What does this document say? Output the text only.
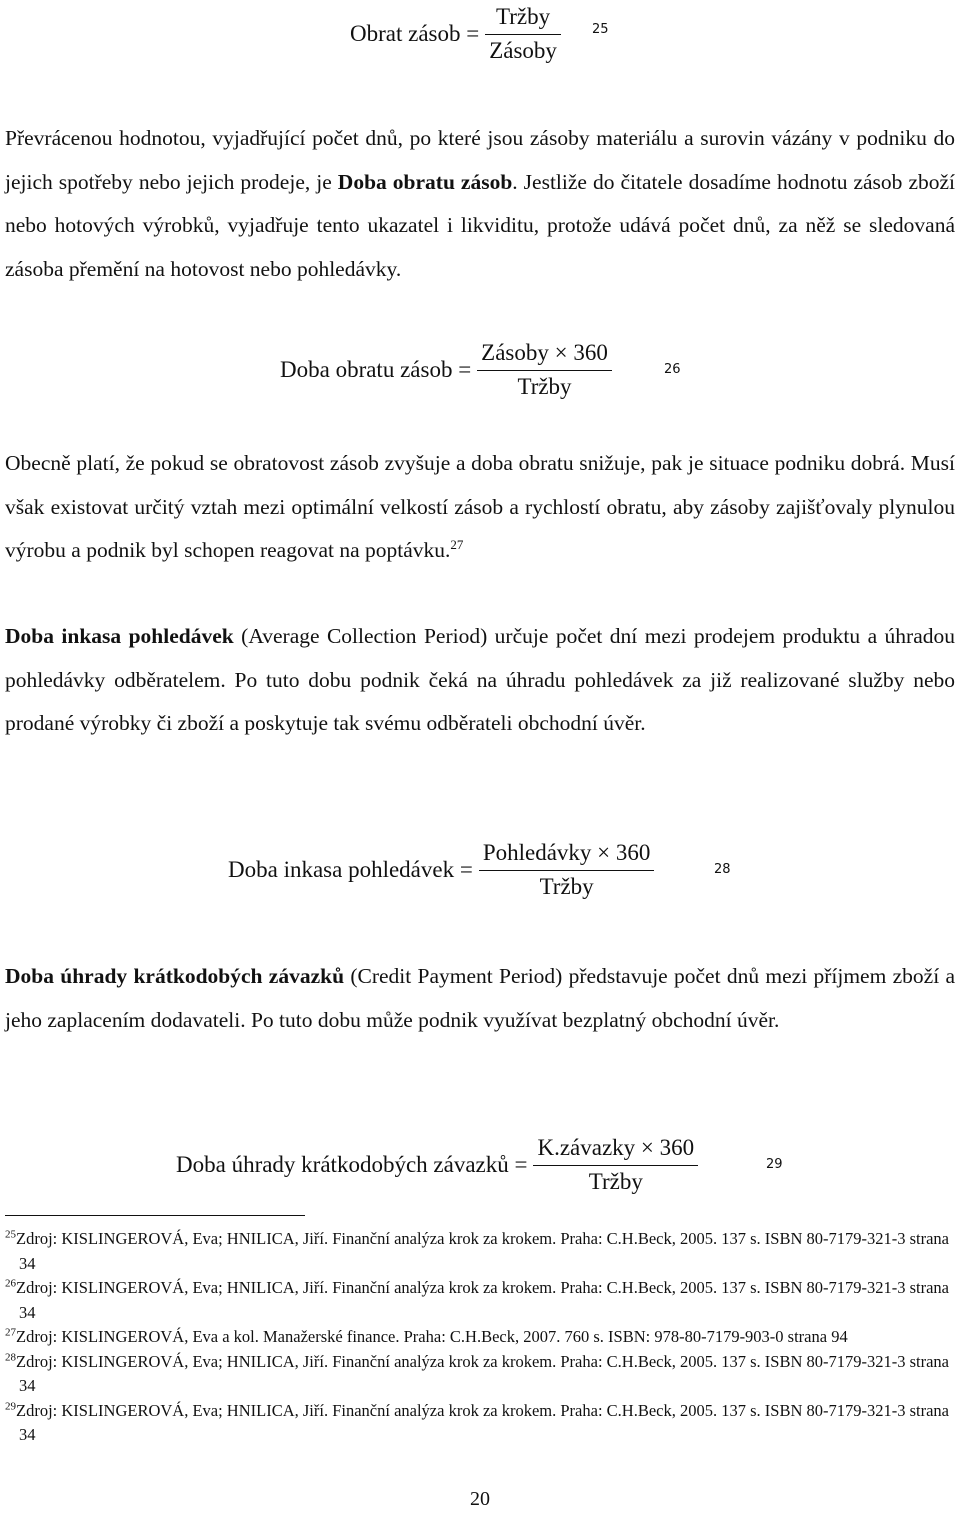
Obrat zásob = $\frac{\text{Tržby}}{\text{Zásoby}} 25$
Převrácenou hodnotou, vyjadřující počet dnů, po které jsou zásoby materiálu a surovin vázány v podniku do jejich spotřeby nebo jejich prodeje, je Doba obratu zásob. Jestliže do čitatele dosadíme hodnotu zásob zboží nebo hotových výrobků, vyjadřuje tento ukazatel i likviditu, protože udává počet dnů, za něž se sledovaná zásoba přemění na hotovost nebo pohledávky.
Doba obratu zásob = $\frac{\text{Zásoby × 360}}{\text{Tržby}}$	26
Obecně platí, že pokud se obratovost zásob zvyšuje a doba obratu snižuje, pak je situace podniku dobrá. Musí však existovat určitý vztah mezi optimální velkostí zásob a rychlostí obratu, aby zásoby zajišťovaly plynulou výrobu a podnik byl schopen reagovat na poptávku.$^{27}$
Doba inkasa pohledávek (Average Collection Period) určuje počet dní mezi prodejem produktu a úhradou pohledávky odběratelem. Po tuto dobu podnik čeká na úhradu pohledávek za již realizované služby nebo prodané výrobky či zboží a poskytuje tak svému odběrateli obchodní úvěr.
Doba inkasa pohledávek = $\frac{\text{Pohledávky × 360}}{\text{Tržby}}$	28
Doba úhrady krátkodobých závazků (Credit Payment Period) představuje počet dnů mezi příjmem zboží a jeho zaplacením dodavateli. Po tuto dobu může podnik využívat bezplatný obchodní úvěr.
Doba úhrady krátkodobých závazků = $\frac{\text{K.závazky × 360}}{\text{Tržby}}$	29
$^{25}$Zdroj: KISLINGEROVÁ, Eva; HNILICA, Jiří. Finanční analýza krok za krokem. Praha: C.H.Beck, 2005. 137 s. ISBN 80-7179-321-3 strana 34
$^{26}$Zdroj: KISLINGEROVÁ, Eva; HNILICA, Jiří. Finanční analýza krok za krokem. Praha: C.H.Beck, 2005. 137 s. ISBN 80-7179-321-3 strana 34
$^{27}$Zdroj: KISLINGEROVÁ, Eva a kol. Manažerské finance. Praha: C.H.Beck, 2007. 760 s. ISBN: 978-80-7179-903-0 strana 94
$^{28}$Zdroj: KISLINGEROVÁ, Eva; HNILICA, Jiří. Finanční analýza krok za krokem. Praha: C.H.Beck, 2005. 137 s. ISBN 80-7179-321-3 strana 34
$^{29}$Zdroj: KISLINGEROVÁ, Eva; HNILICA, Jiří. Finanční analýza krok za krokem. Praha: C.H.Beck, 2005. 137 s. ISBN 80-7179-321-3 strana 34
20
